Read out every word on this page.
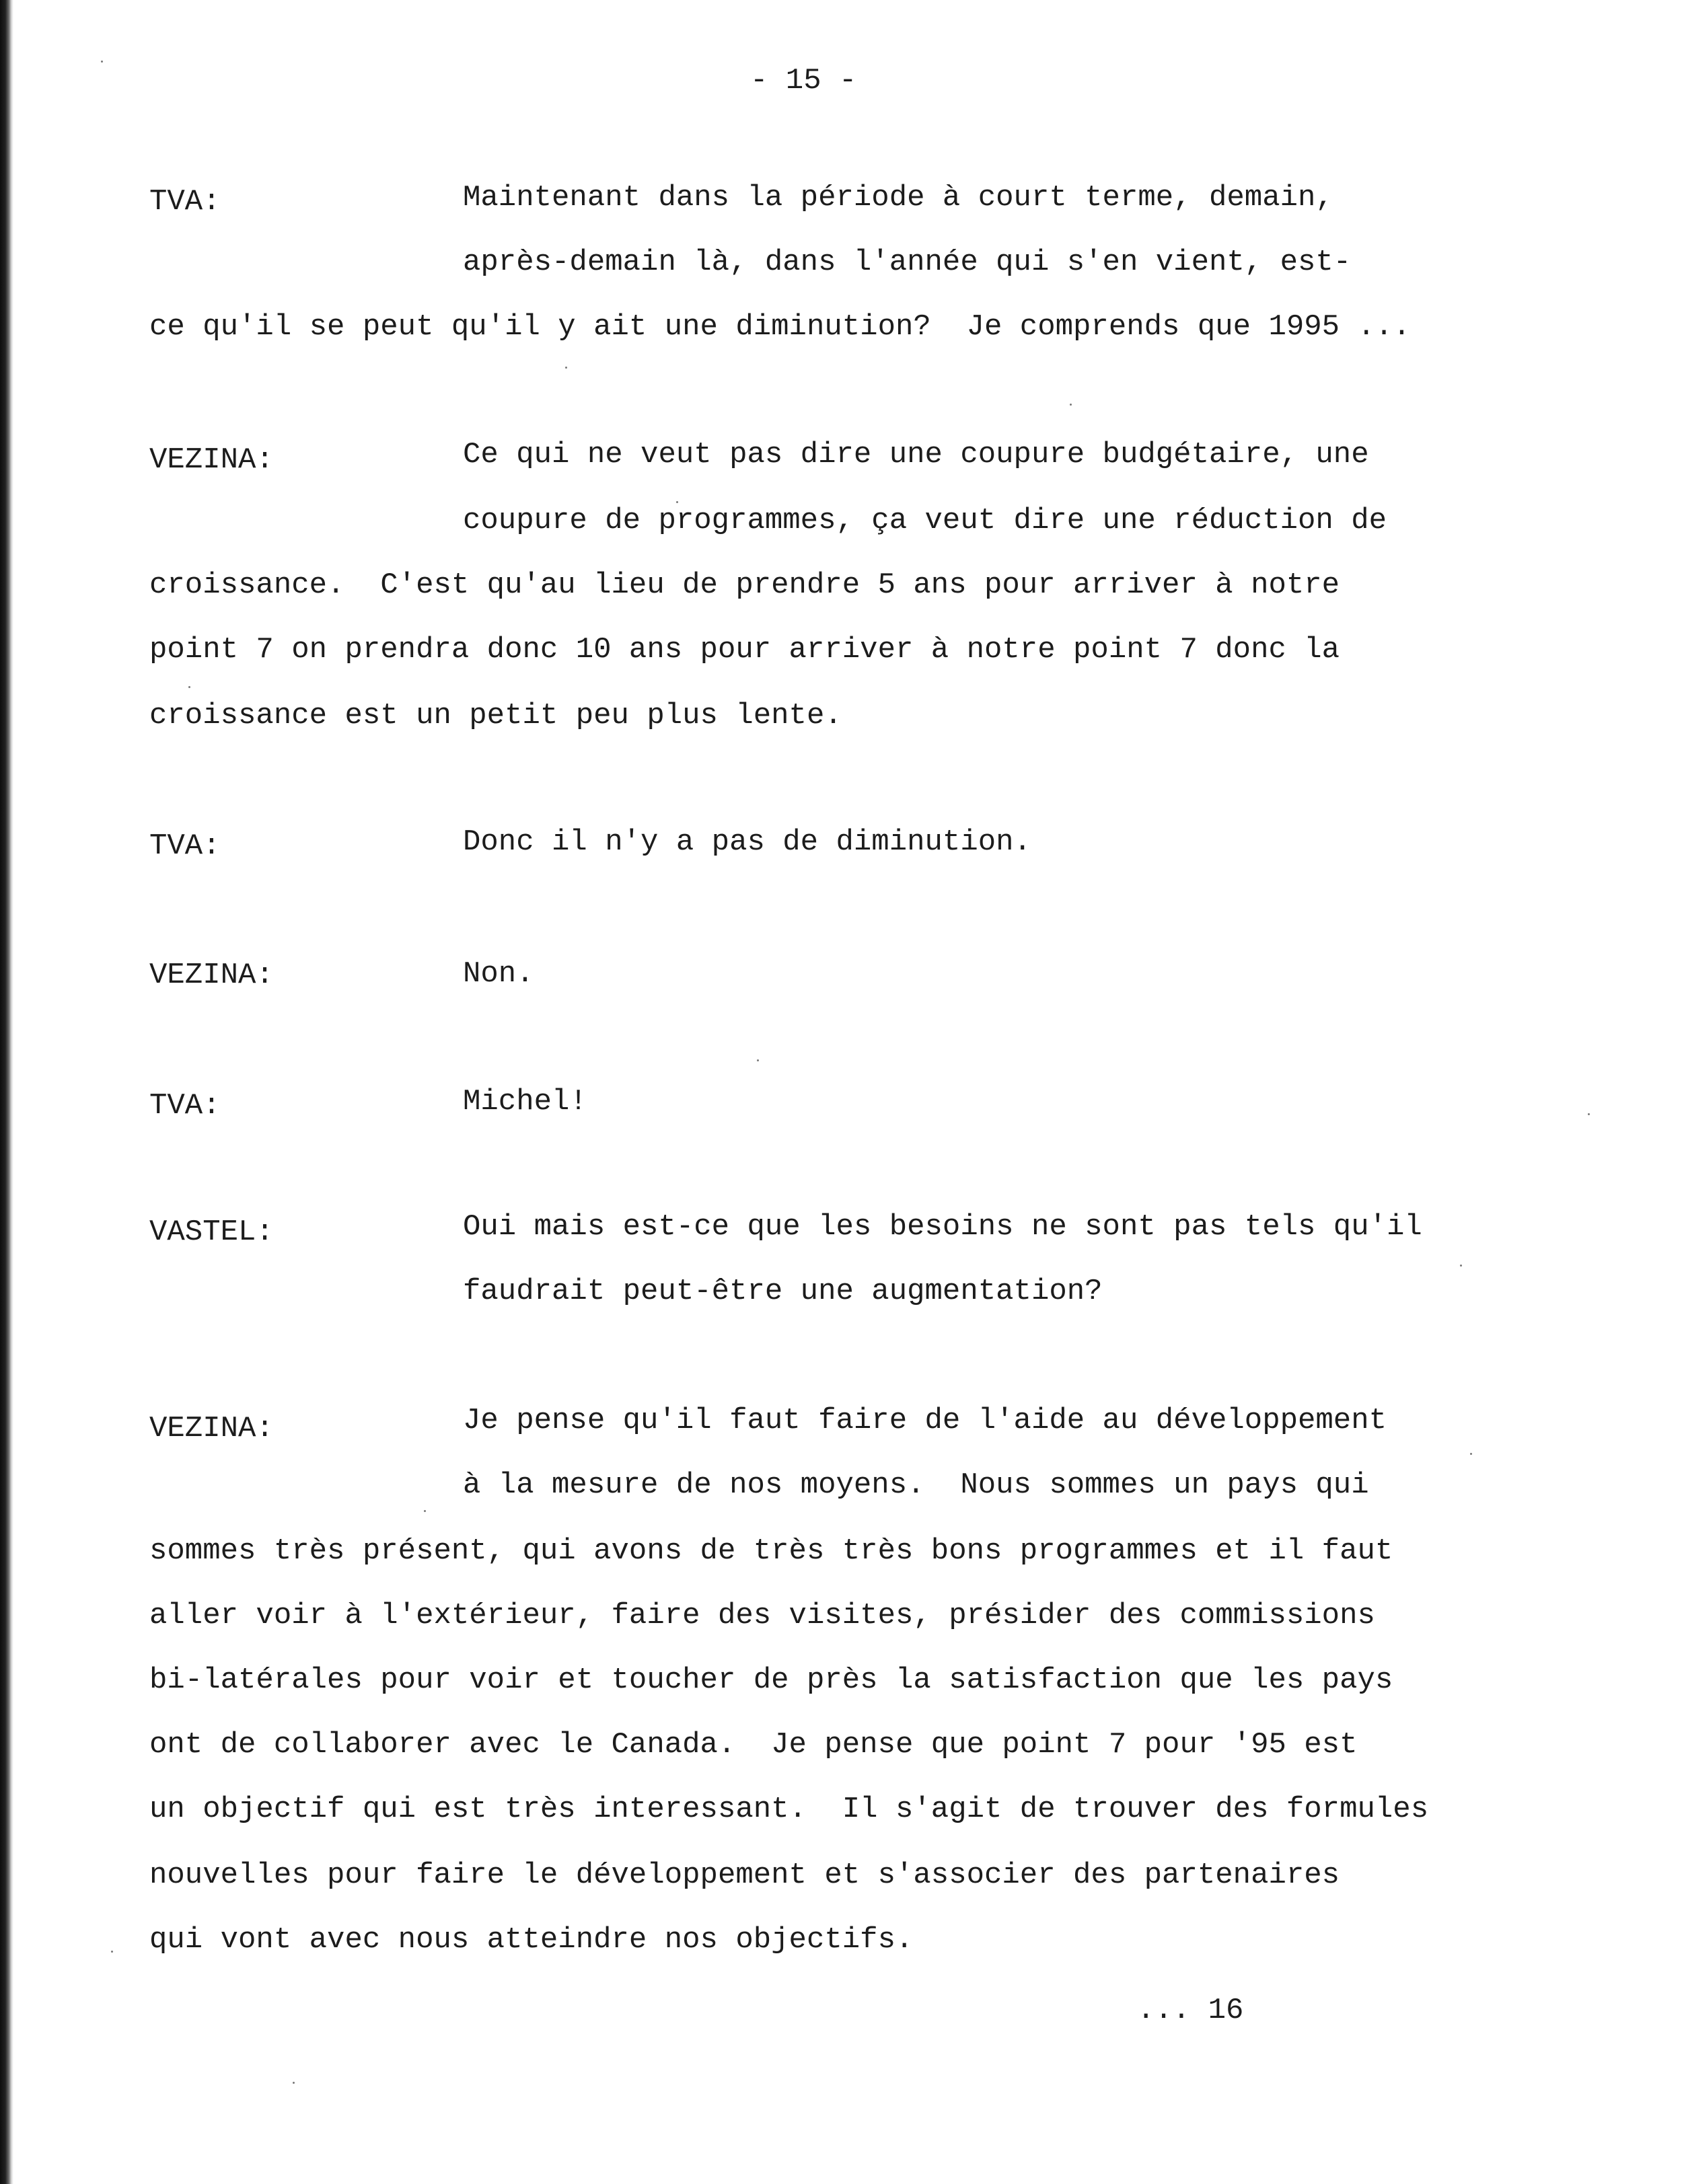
- 15 -
TVA:	Maintenant dans la période à court terme, demain,
après-demain là, dans l'année qui s'en vient, est-
ce qu'il se peut qu'il y ait une diminution?  Je comprends que 1995 ...
VEZINA:	Ce qui ne veut pas dire une coupure budgétaire, une
coupure de programmes, ça veut dire une réduction de
croissance.  C'est qu'au lieu de prendre 5 ans pour arriver à notre
point 7 on prendra donc 10 ans pour arriver à notre point 7 donc la
croissance est un petit peu plus lente.
TVA:	Donc il n'y a pas de diminution.
VEZINA:	Non.
TVA:	Michel!
VASTEL:	Oui mais est-ce que les besoins ne sont pas tels qu'il
faudrait peut-être une augmentation?
VEZINA:	Je pense qu'il faut faire de l'aide au développement
à la mesure de nos moyens.  Nous sommes un pays qui
sommes très présent, qui avons de très très bons programmes et il faut
aller voir à l'extérieur, faire des visites, présider des commissions
bi-latérales pour voir et toucher de près la satisfaction que les pays
ont de collaborer avec le Canada.  Je pense que point 7 pour '95 est
un objectif qui est très interessant.  Il s'agit de trouver des formules
nouvelles pour faire le développement et s'associer des partenaires
qui vont avec nous atteindre nos objectifs.
... 16
